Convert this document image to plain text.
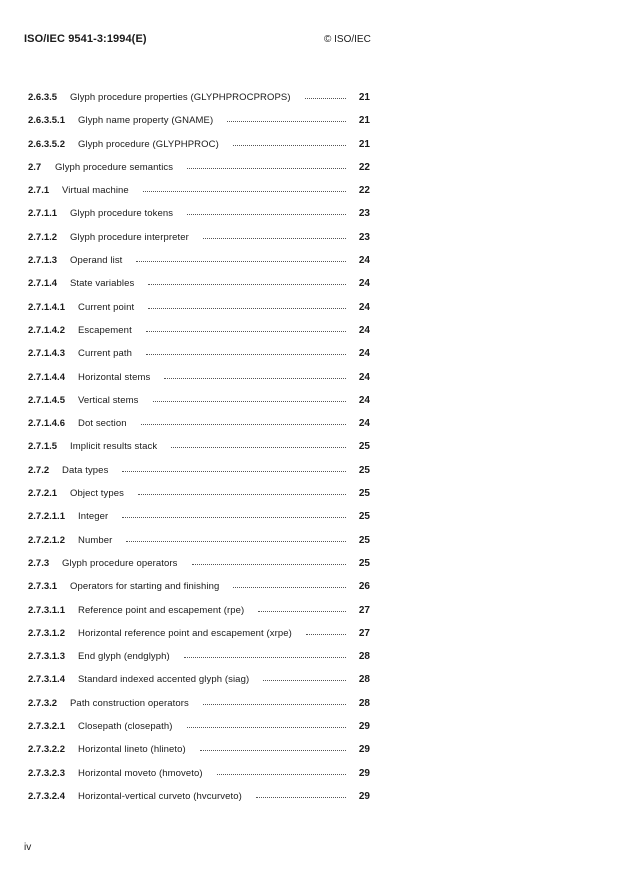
ISO/IEC 9541-3:1994(E)	© ISO/IEC
2.6.3.5 Glyph procedure properties (GLYPHPROCPROPS)	21
2.6.3.5.1 Glyph name property (GNAME)	21
2.6.3.5.2 Glyph procedure (GLYPHPROC)	21
2.7 Glyph procedure semantics	22
2.7.1 Virtual machine	22
2.7.1.1 Glyph procedure tokens	23
2.7.1.2 Glyph procedure interpreter	23
2.7.1.3 Operand list	24
2.7.1.4 State variables	24
2.7.1.4.1 Current point	24
2.7.1.4.2 Escapement	24
2.7.1.4.3 Current path	24
2.7.1.4.4 Horizontal stems	24
2.7.1.4.5 Vertical stems	24
2.7.1.4.6 Dot section	24
2.7.1.5 Implicit results stack	25
2.7.2 Data types	25
2.7.2.1 Object types	25
2.7.2.1.1 Integer	25
2.7.2.1.2 Number	25
2.7.3 Glyph procedure operators	25
2.7.3.1 Operators for starting and finishing	26
2.7.3.1.1 Reference point and escapement (rpe)	27
2.7.3.1.2 Horizontal reference point and escapement (xrpe)	27
2.7.3.1.3 End glyph (endglyph)	28
2.7.3.1.4 Standard indexed accented glyph (siag)	28
2.7.3.2 Path construction operators	28
2.7.3.2.1 Closepath (closepath)	29
2.7.3.2.2 Horizontal lineto (hlineto)	29
2.7.3.2.3 Horizontal moveto (hmoveto)	29
2.7.3.2.4 Horizontal-vertical curveto (hvcurveto)	29
iv
